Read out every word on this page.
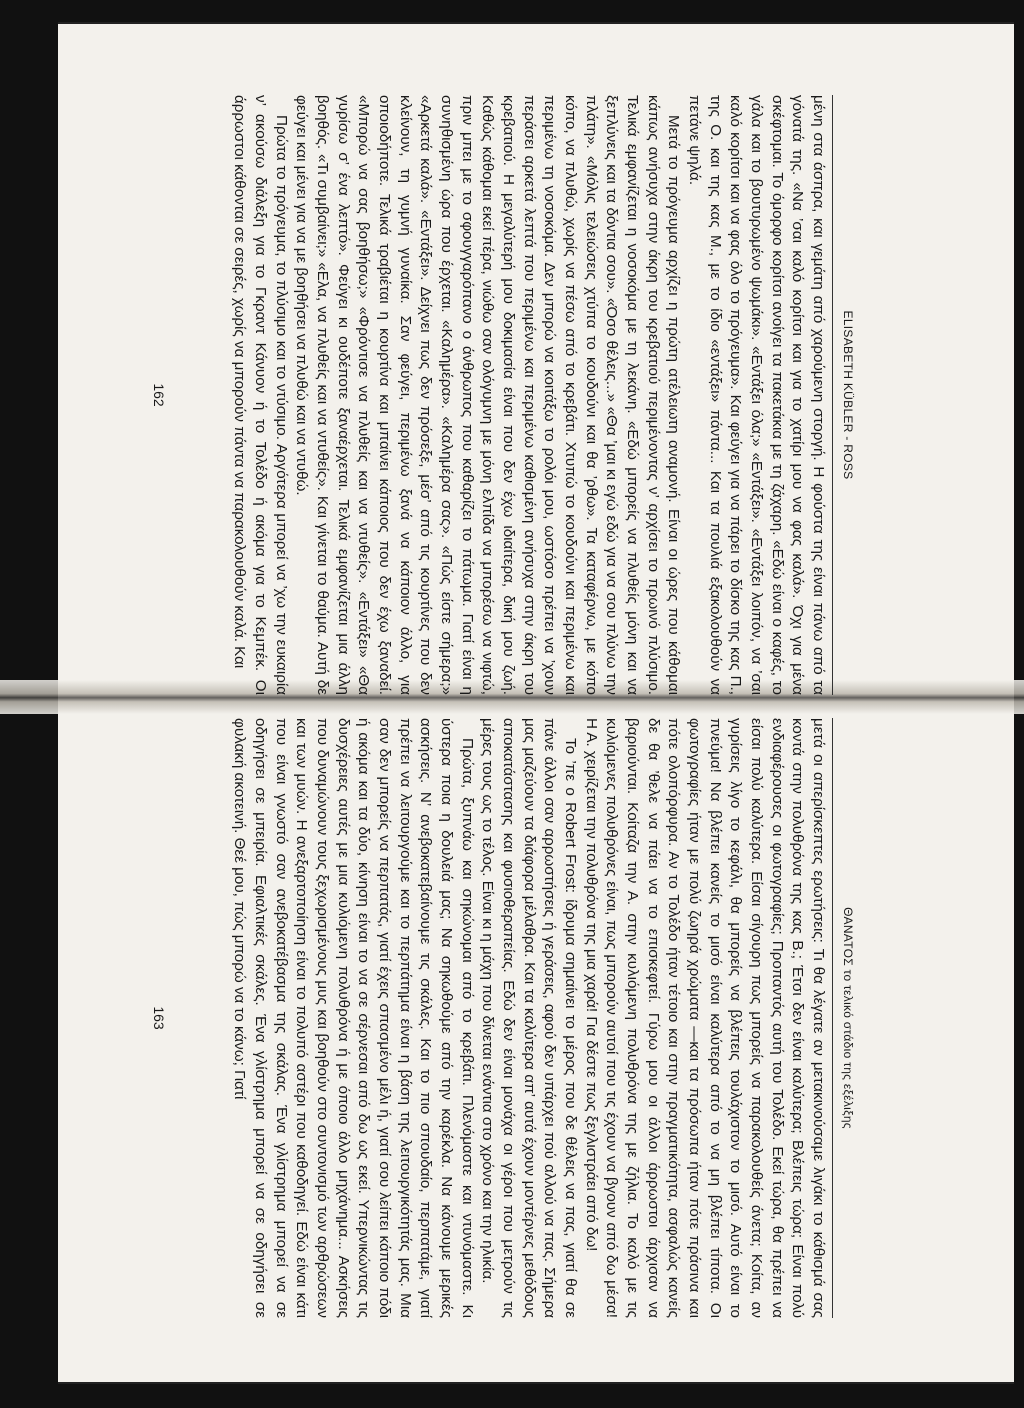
ELISABETH KÜBLER - ROSS

μένη στα άσπρα, και γεμάτη από χαρούμενη στοργή. Η φούστα της είναι πάνω από τα γόνατά της. «Να ’σαι καλό κορίτσι και για το χατίρι μου να φας καλά». Όχι για μένα σκέφτομαι. Το όμορφο κορίτσι ανοίγει τα πακετάκια με τη ζάχαρη. «Εδώ είναι ο καφές, το γάλα και το βουτυρωμένο ψωμάκι». «Εντάξει όλα;» «Εντάξει». «Εντάξει λοιπόν, να ’σαι καλό κορίτσι και να φας όλο το πρόγευμα». Και φεύγει για να πάρει το δίσκο της κας Π., της Ο. και της κας Μ., με το ίδιο «εντάξει» πάντα... Και τα πουλιά εξακολουθούν να πετάνε ψηλά.

Μετά το πρόγευμα αρχίζει η πρώτη ατέλειωτη αναμονή. Είναι οι ώρες που κάθομαι κάπως ανήσυχα στην άκρη του κρεβατιού περιμένοντας ν’ αρχίσει το πρωινό πλύσιμο. Τελικά εμφανίζεται η νοσοκόμα με τη λεκάνη. «Εδώ μπορείς να πλυθείς μόνη και να ξεπλύνεις και τα δόντια σου». «Όσο θέλεις...» «Θα ’μαι κι εγώ εδώ για να σου πλύνω την πλάτη». «Μόλις τελειώσεις χτύπα το κουδούνι και θα ’ρθω». Τα καταφέρνω, με κόπο κόπο, να πλυθώ, χωρίς να πέσω από το κρεβάτι. Χτυπώ το κουδούνι και περιμένω και περιμένω τη νοσοκόμα. Δεν μπορώ να κοιτάξω το ρολόι μου, ωστόσο πρέπει να ’χουν περάσει αρκετά λεπτά που περιμένω και περιμένω καθισμένη ανήσυχα στην άκρη του κρεβατιού. Η μεγαλύτερή μου δοκιμασία είναι που δεν έχω ιδιαίτερα, δική μου ζωή. Καθώς κάθομαι εκεί πέρα, νιώθω σαν ολόγυμνη με μόνη ελπίδα να μπορέσω να νιφτώ, πριν μπει με το σφουγγαρόπανο ο άνθρωπος που καθαρίζει το πάτωμα. Γιατί είναι η συνηθισμένη ώρα που έρχεται. «Καλημέρα». «Καλημέρα σας». «Πώς είστε σήμερα;» «Αρκετά καλά». «Εντάξει». Δείχνει πως δεν πρόσεξε, μέσ’ από τις κουρτίνες που δεν κλείνουν, τη γυμνή γυναίκα. Σαν φεύγει, περιμένω ξανά να κάποιον άλλο, για οποιοδήποτε. Τελικά τραβιέται η κουρτίνα και μπαίνει κάποιος που δεν έχω ξαναδεί. «Μπορώ να σας βοηθήσω;» «Φρόντισε να πλυθείς και να ντυθείς». «Εντάξει» «Θα γυρίσω σ’ ένα λεπτό». Φεύγει κι ουδέποτε ξαναέρχεται. Τελικά εμφανίζεται μια άλλη βοηθός. «Τι συμβαίνει;» «Ελα, να πλυθείς και να ντυθείς». Και γίνεται το θαύμα. Αυτή δε φεύγει και μένει για να με βοηθήσει να πλυθώ και να ντυθώ.

Πρώτα το πρόγευμα, το πλύσιμο και το ντύσιμο. Αργότερα μπορεί να ’χω την ευκαιρία ν’ ακούσω διάλεξη για το Γκραντ Κάνυον ή το Τολέδο ή ακόμα για το Κεμπέκ. Οι άρρωστοι κάθονται σε σειρές, χωρίς να μπορούν πάντα να παρακολουθούν καλά. Και

162
ΘΑΝΑΤΟΣ το τελικό στάδιο της εξέλιξης

μετά οι απερίσκεπτες ερωτήσεις: Τι θα λέγατε αν μετακινούσαμε λιγάκι το κάθισμά σας κοντά στην πολυθρόνα της κας Β.; Έτσι δεν είναι καλύτερα; Βλέπεις τώρα; Είναι πολύ ενδιαφέρουσες οι φωτογραφίες; Προπαντός αυτή του Τολέδο. Εκεί τώρα, θα πρέπει να είσαι πολύ καλύτερα. Είσαι σίγουρη πως μπορείς να παρακολουθείς άνετα; Κοίτα, αν γυρίσεις λίγο το κεφάλι, θα μπορείς να βλέπεις τουλάχιστον το μισό. Αυτό είναι το πνεύμα! Να βλέπει κανείς το μισό είναι καλύτερα από το να μη βλέπει τίποτα. Οι φωτογραφίες ήταν με πολύ ζωηρά χρώματα —και τα πρόσωπα ήταν πότε πράσινα και πότε ολοπόρφυρα. Αν το Τολέδο ήταν τέτοιο και στην πραγματικότητα, ασφαλώς κανείς δε θα ’θελε να πάει να το επισκεφτεί. Γύρω μου οι άλλοι άρρωστοι άρχισαν να βαριούνται. Κοίταζα την Α. στην κυλιόμενη πολυθρόνα της με ζήλια. Το καλό με τις κυλιόμενες πολυθρόνες είναι, πως μπορούν αυτοί που τις έχουν να βγουν από δω μέσα! Η Α. χειρίζεται την πολυθρόνα της μια χαρά! Για δέστε πως ξεγλιστράει από δω!

Το ’πε ο Robert Frost: ίδρυμα σημαίνει το μέρος που δε θέλεις να πας, γιατί θα σε πάνε άλλοι σαν αρρωστήσεις ή γεράσεις, αφού δεν υπάρχει πού αλλού να πας. Σήμερα μας μαζεύουν τα διάφορα μέλαθρα. Και τα καλύτερα απ’ αυτά έχουν μοντέρνες μεθόδους αποκατάστασης και φυσιοθεραπείας. Εδώ δεν είναι μονάχα οι γέροι που μετρούν τις μέρες τους ως το τέλος. Είναι κι η μάχη που δίνεται ενάντια στο χρόνο και την ηλικία.

Πρώτα, ξυπνάω και σηκώνομαι από το κρεβάτι. Πλενόμαστε και ντυνόμαστε. Κι ύστερα ποια η δουλειά μας; Να σηκωθούμε από την καρέκλα. Να κάνουμε μερικές ασκήσεις. Ν’ ανεβοκατεβαίνουμε τις σκάλες. Και το πιο σπουδαίο, περπατάμε, γιατί πρέπει να λειτουργούμε και το περπάτημα είναι η βάση της λειτουργικότητάς μας. Μια σαν δεν μπορείς να περπατάς, γιατί έχεις σπασμένο μέλι ή, γιατί σου λείπει κάποιο πόδι ή ακόμα και τα δύο, κίνηση είναι το να σε σέρνεσαι από δω ως εκεί. Υπερνικώντας τις δυσχέρειες αυτές με μια κυλιόμενη πολυθρόνα ή με όποιο άλλο μηχάνημα... Ασκήσεις που δυναμώνουν τους ξεχωρισμένους μυς και βοηθούν στο συντονισμό των αρθρώσεων και των μυών. Η ανεξαρτοποίηση είναι το πολυπό αστέρι που καθοδηγεί. Εδώ είναι κάτι που είναι γνωστό σαν ανεβοκατέβασμα της σκάλας. Ένα γλίστρημα μπορεί να σε οδηγήσει σε μπειρία. Εφιαλτικές σκάλες. Ένα γλίστρημα μπορεί να σε οδηγήσει σε φυλακή ακοτεινή. Θεέ μου, πώς μπορώ να το κάνω; Γιατί

163
